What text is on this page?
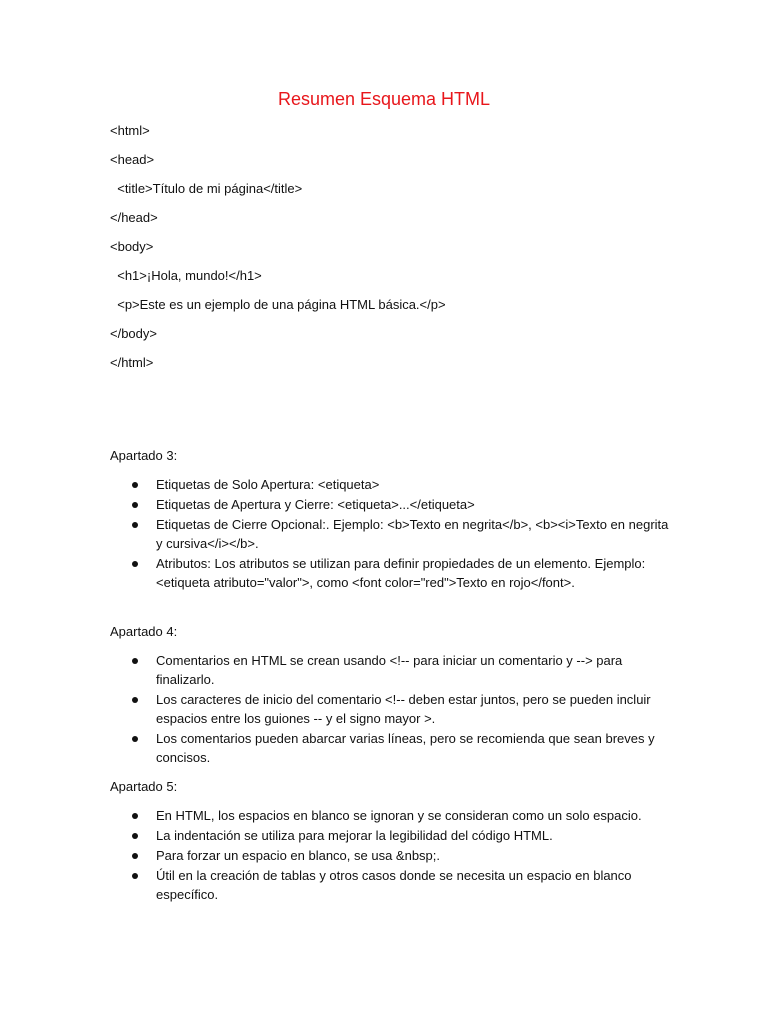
Resumen Esquema HTML
<html>
<head>
<title>Título de mi página</title>
</head>
<body>
<h1>¡Hola, mundo!</h1>
<p>Este es un ejemplo de una página HTML básica.</p>
</body>
</html>
Apartado 3:
Etiquetas de Solo Apertura: <etiqueta>
Etiquetas de Apertura y Cierre: <etiqueta>...</etiqueta>
Etiquetas de Cierre Opcional:. Ejemplo: <b>Texto en negrita</b>, <b><i>Texto en negrita y cursiva</i></b>.
Atributos: Los atributos se utilizan para definir propiedades de un elemento. Ejemplo: <etiqueta atributo="valor">, como <font color="red">Texto en rojo</font>.
Apartado 4:
Comentarios en HTML se crean usando <!-- para iniciar un comentario y --> para finalizarlo.
Los caracteres de inicio del comentario <!-- deben estar juntos, pero se pueden incluir espacios entre los guiones -- y el signo mayor >.
Los comentarios pueden abarcar varias líneas, pero se recomienda que sean breves y concisos.
Apartado 5:
En HTML, los espacios en blanco se ignoran y se consideran como un solo espacio.
La indentación se utiliza para mejorar la legibilidad del código HTML.
Para forzar un espacio en blanco, se usa &nbsp;.
Útil en la creación de tablas y otros casos donde se necesita un espacio en blanco específico.
